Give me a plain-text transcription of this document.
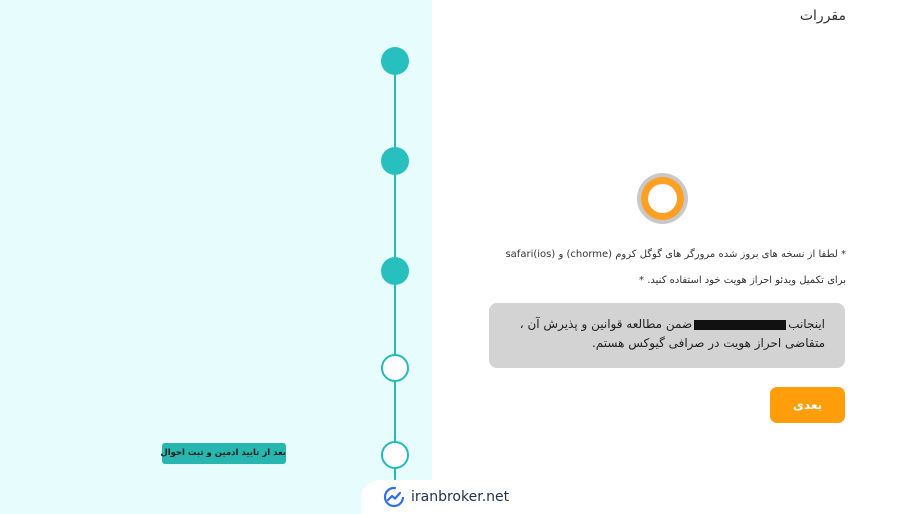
بعد از تایید ادمین و ثبت احوال
مقررات
* لطفا از نسخه های بروز شده مرورگر های گوگل کروم (chorme) و safari(ios) برای تکمیل ویدئو احراز هویت خود استفاده کنید. *
اینجانبضمن مطالعه قوانین و پذیرش آن ،
متقاضی احراز هویت در صرافی گیوکس هستم.
بعدی
iranbroker.net
